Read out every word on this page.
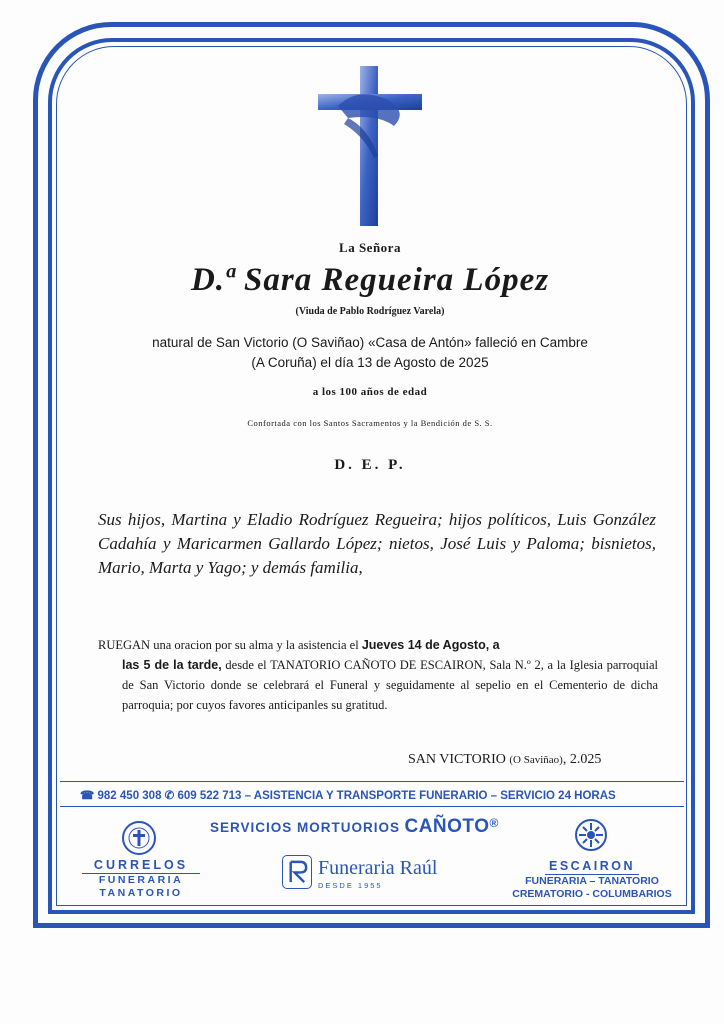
La Señora
D.ª Sara Regueira López
(Viuda de Pablo Rodríguez Varela)
natural de San Victorio (O Saviñao) «Casa de Antón» falleció en Cambre
(A Coruña) el día 13 de Agosto de 2025
a los 100 años de edad
Confortada con los Santos Sacramentos y la Bendición de S. S.
D. E. P.
Sus hijos, Martina y Eladio Rodríguez Regueira; hijos políticos, Luis González Cadahía y Maricarmen Gallardo López; nietos, José Luis y Paloma; bisnietos, Mario, Marta y Yago; y demás familia,
RUEGAN una oracion por su alma y la asistencia el Jueves 14 de Agosto, a
las 5 de la tarde, desde el TANATORIO CAÑOTO DE ESCAIRON, Sala N.º 2, a la Iglesia parroquial de San Victorio donde se celebrará el Funeral y seguidamente al sepelio en el Cementerio de dicha parroquia; por cuyos favores anticipanles su gratitud.
SAN VICTORIO (O Saviñao), 2.025
☎ 982 450 308 ✆ 609 522 713 – ASISTENCIA Y TRANSPORTE FUNERARIO – SERVICIO 24 HORAS
SERVICIOS MORTUORIOS CAÑOTO®
CURRELOS
FUNERARIA
TANATORIO
Funeraria Raúl
DESDE 1955
ESCAIRON
FUNERARIA – TANATORIO
CREMATORIO - COLUMBARIOS
